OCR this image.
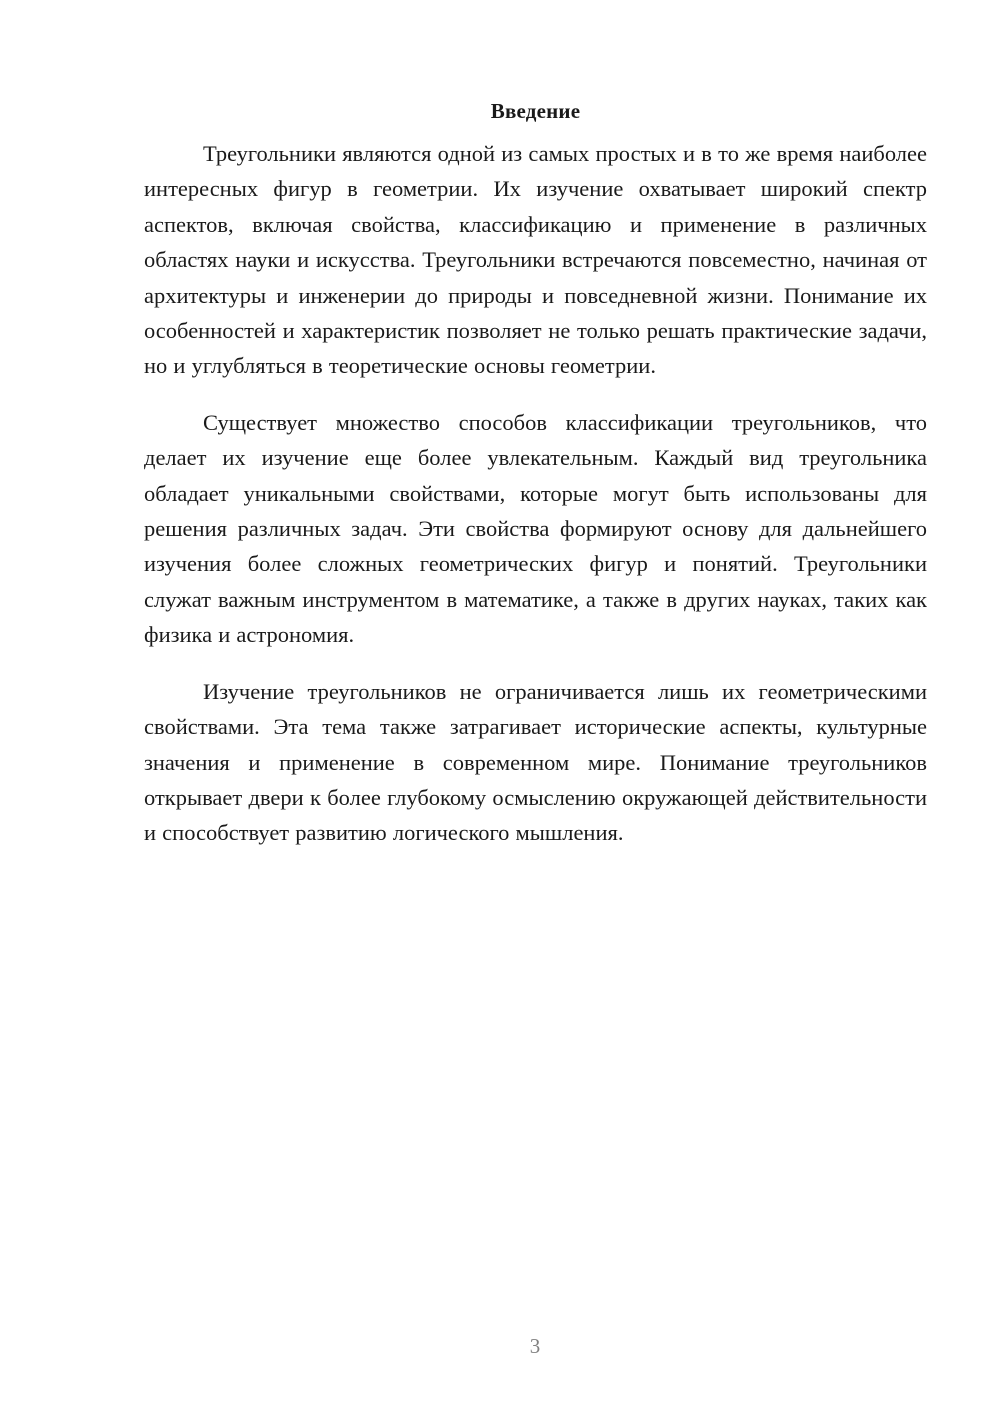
Введение

Треугольники являются одной из самых простых и в то же время наиболее интересных фигур в геометрии. Их изучение охватывает широкий спектр аспектов, включая свойства, классификацию и применение в различных областях науки и искусства. Треугольники встречаются повсеместно, начиная от архитектуры и инженерии до природы и повседневной жизни. Понимание их особенностей и характеристик позволяет не только решать практические задачи, но и углубляться в теоретические основы геометрии.

Существует множество способов классификации треугольников, что делает их изучение еще более увлекательным. Каждый вид треугольника обладает уникальными свойствами, которые могут быть использованы для решения различных задач. Эти свойства формируют основу для дальнейшего изучения более сложных геометрических фигур и понятий. Треугольники служат важным инструментом в математике, а также в других науках, таких как физика и астрономия.

Изучение треугольников не ограничивается лишь их геометрическими свойствами. Эта тема также затрагивает исторические аспекты, культурные значения и применение в современном мире. Понимание треугольников открывает двери к более глубокому осмыслению окружающей действительности и способствует развитию логического мышления.

3
